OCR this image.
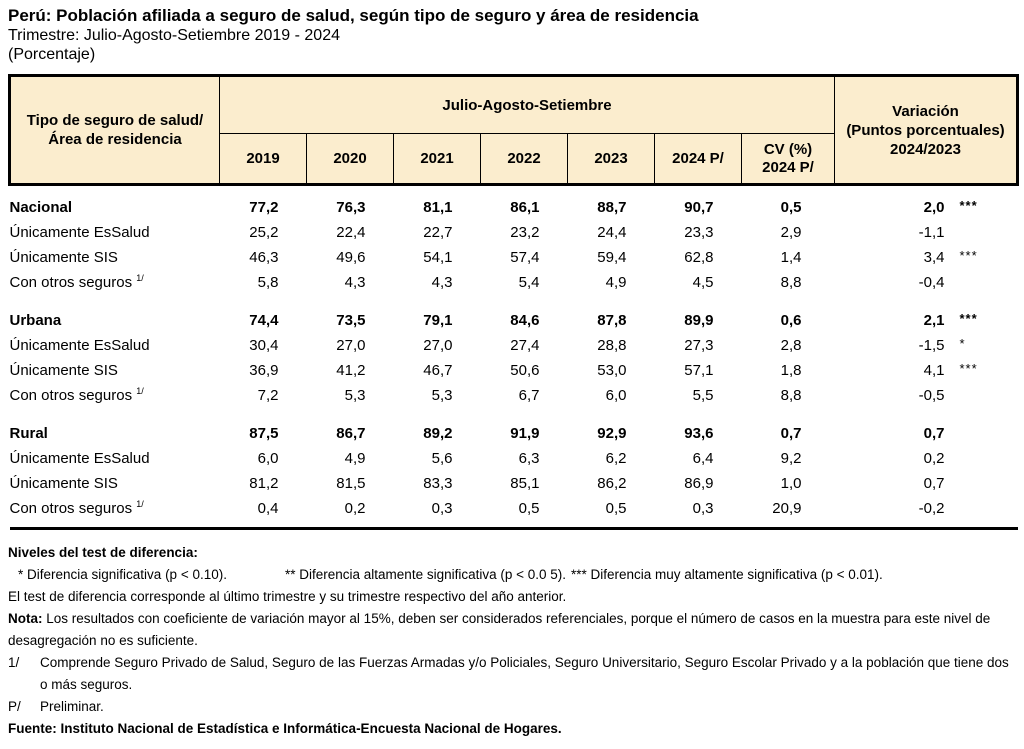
Perú: Población afiliada a seguro de salud, según tipo de seguro y área de residencia
Trimestre: Julio-Agosto-Setiembre 2019 - 2024
(Porcentaje)
Tipo de seguro de salud/
Área de residencia	Julio-Agosto-Setiembre							Variación
(Puntos porcentuales)
2024/2023
	2019	2020	2021	2022	2023	2024 P/	CV (%)
2024 P/	

Nacional	77,2	76,3	81,1	86,1	88,7	90,7	0,5	2,0 ***
Únicamente EsSalud	25,2	22,4	22,7	23,2	24,4	23,3	2,9	-1,1
Únicamente SIS	46,3	49,6	54,1	57,4	59,4	62,8	1,4	3,4 ***
Con otros seguros $^{1/}$	5,8	4,3	4,3	5,4	4,9	4,5	8,8	-0,4

Urbana	74,4	73,5	79,1	84,6	87,8	89,9	0,6	2,1 ***
Únicamente EsSalud	30,4	27,0	27,0	27,4	28,8	27,3	2,8	-1,5 *
Únicamente SIS	36,9	41,2	46,7	50,6	53,0	57,1	1,8	4,1 ***
Con otros seguros $^{1/}$	7,2	5,3	5,3	6,7	6,0	5,5	8,8	-0,5

Rural	87,5	86,7	89,2	91,9	92,9	93,6	0,7	0,7
Únicamente EsSalud	6,0	4,9	5,6	6,3	6,2	6,4	9,2	0,2
Únicamente SIS	81,2	81,5	83,3	85,1	86,2	86,9	1,0	0,7
Con otros seguros $^{1/}$	0,4	0,2	0,3	0,5	0,5	0,3	20,9	-0,2

Niveles del test de diferencia:
* Diferencia significativa (p < 0.10).	** Diferencia altamente significativa (p < 0.0 5). *** Diferencia muy altamente significativa (p < 0.01).
El test de diferencia corresponde al último trimestre y su trimestre respectivo del año anterior.
Nota: Los resultados con coeficiente de variación mayor al 15%, deben ser considerados referenciales, porque el número de casos en la muestra para este nivel de desagregación no es suficiente.
1/	Comprende Seguro Privado de Salud, Seguro de las Fuerzas Armadas y/o Policiales, Seguro Universitario, Seguro Escolar Privado y a la población que tiene dos o más seguros.
P/	Preliminar.
Fuente: Instituto Nacional de Estadística e Informática-Encuesta Nacional de Hogares.
